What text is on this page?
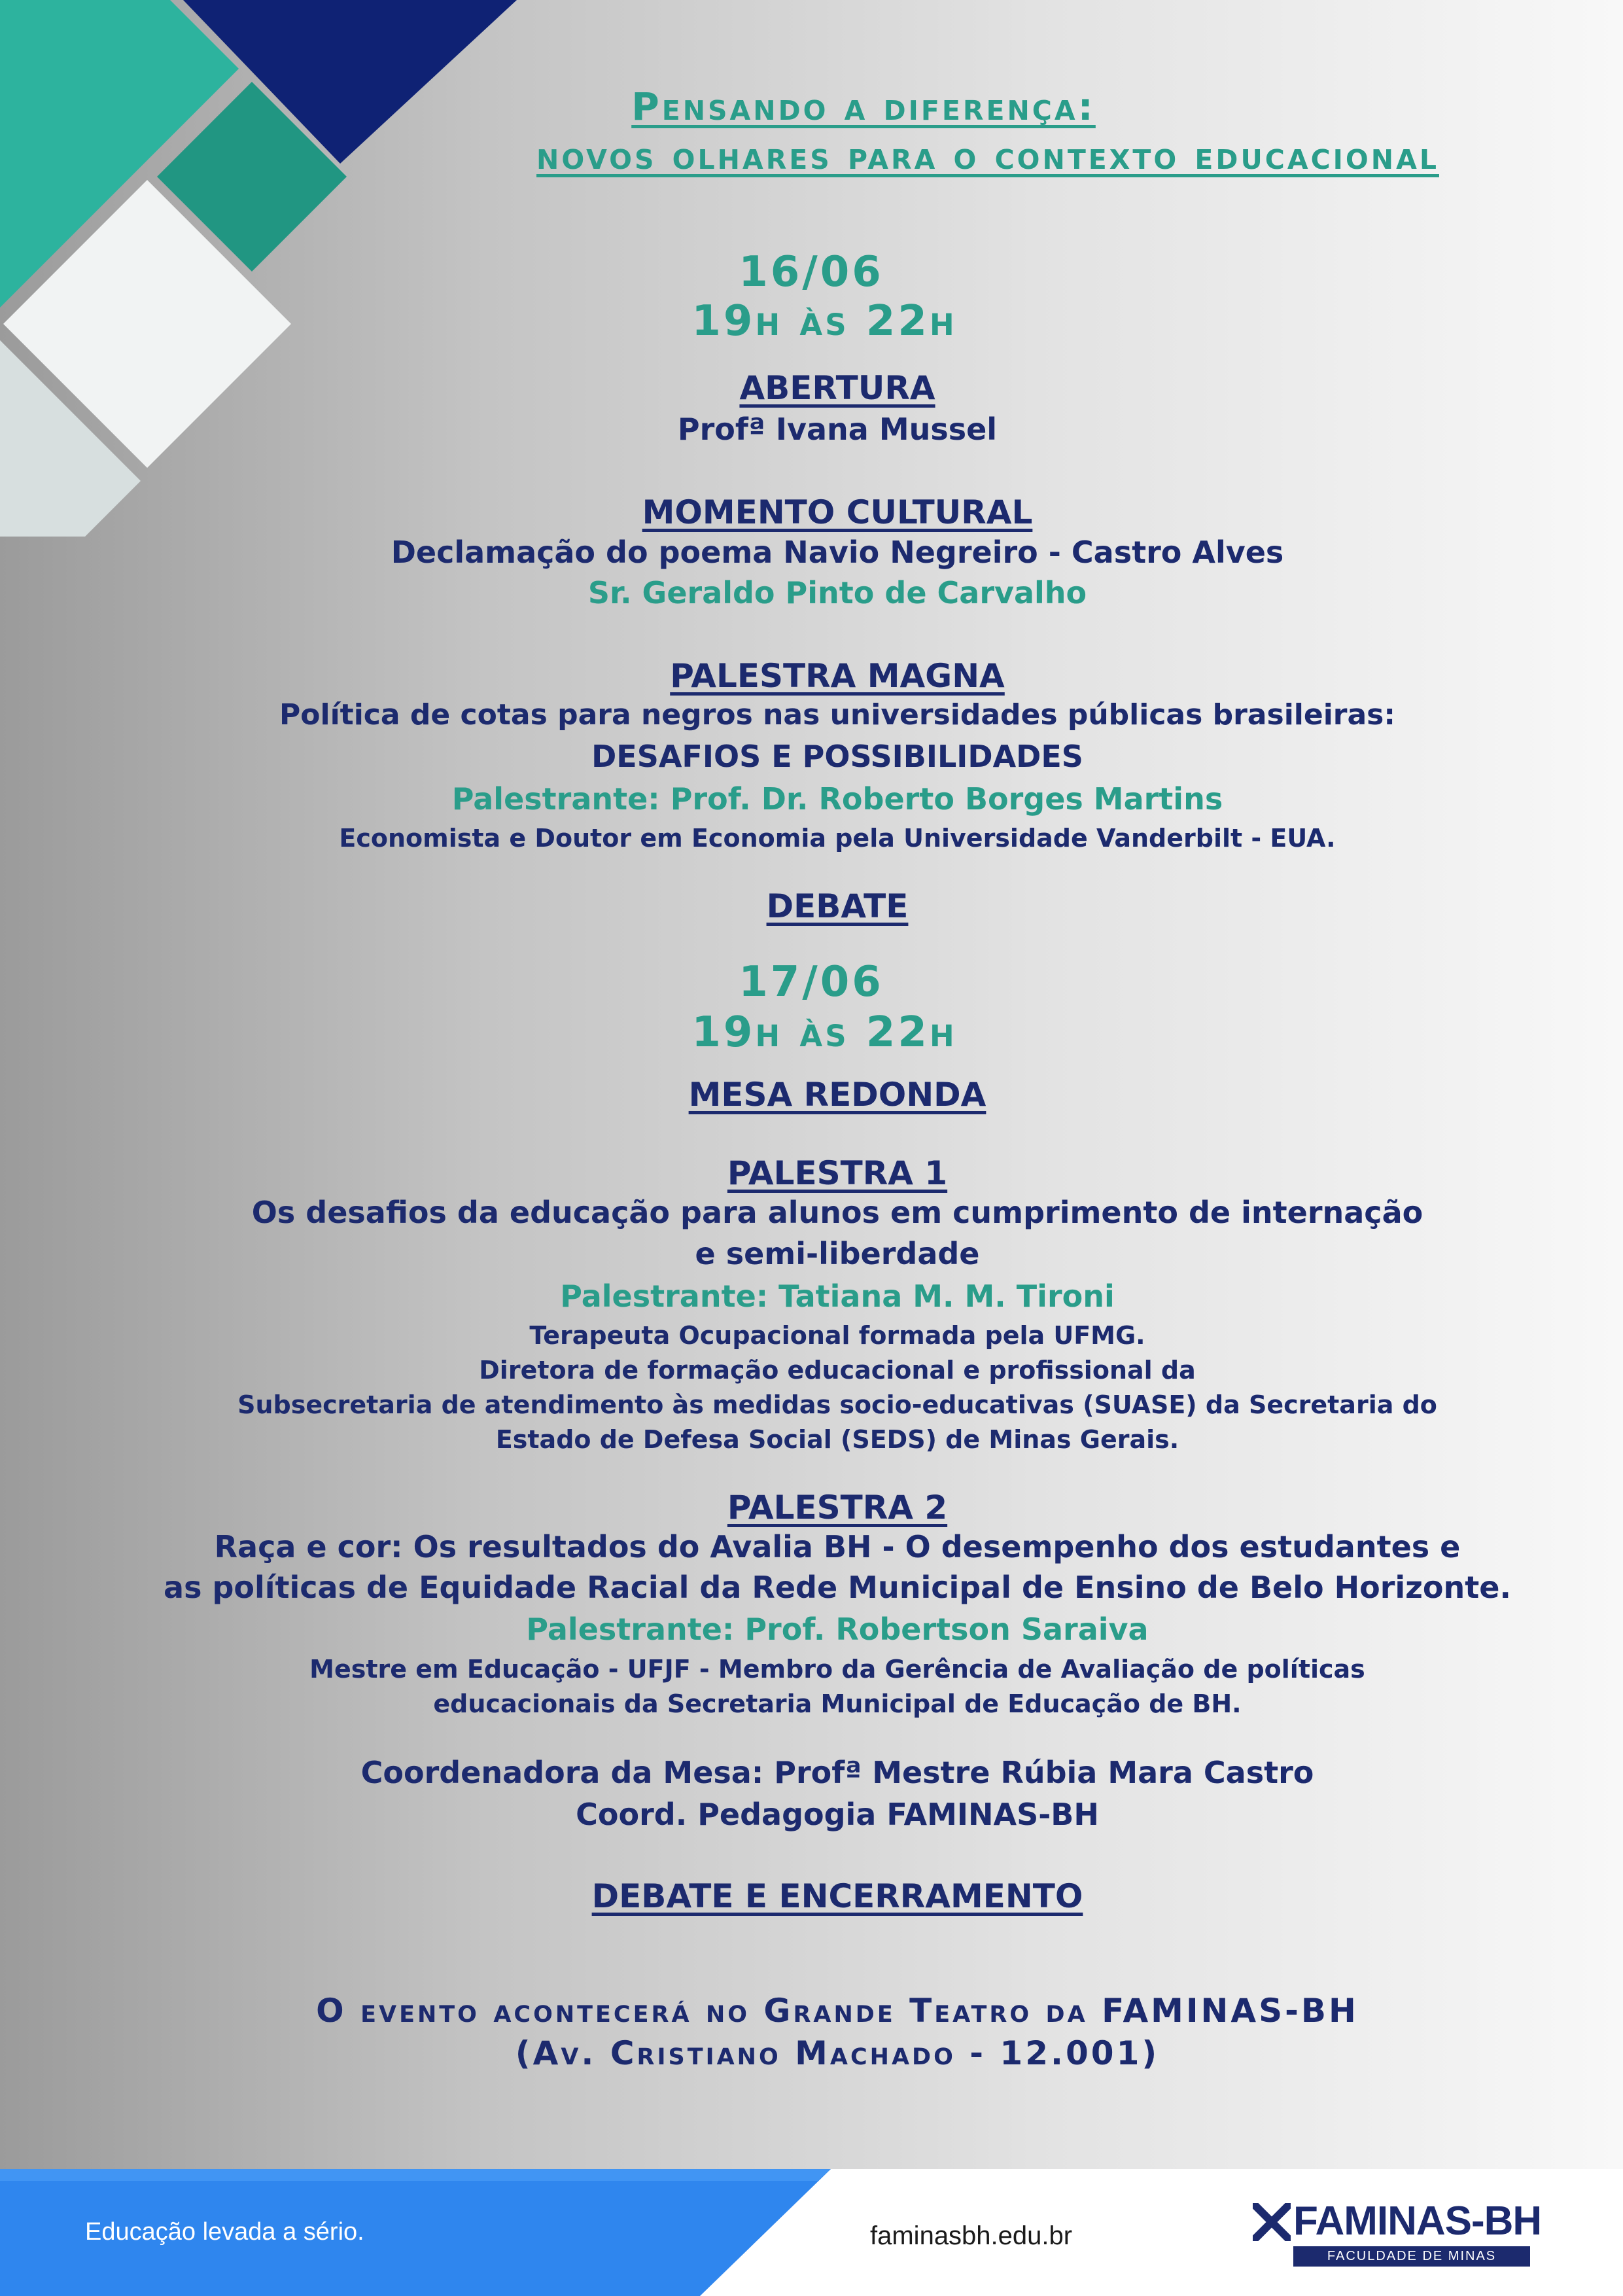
Pensando a diferença:
novos olhares para o contexto educacional
16/06
19h às 22h
ABERTURA
Profª Ivana Mussel
MOMENTO CULTURAL
Declamação do poema Navio Negreiro - Castro Alves
Sr. Geraldo Pinto de Carvalho
PALESTRA MAGNA
Política de cotas para negros nas universidades públicas brasileiras:
DESAFIOS E POSSIBILIDADES
Palestrante: Prof. Dr. Roberto Borges Martins
Economista e Doutor em Economia pela Universidade Vanderbilt - EUA.
DEBATE
17/06
19h às 22h
MESA REDONDA
PALESTRA 1
Os desafios da educação para alunos em cumprimento de internação
e semi-liberdade
Palestrante: Tatiana M. M. Tironi
Terapeuta Ocupacional formada pela UFMG.
Diretora de formação educacional e profissional da
Subsecretaria de atendimento às medidas socio-educativas (SUASE) da Secretaria do
Estado de Defesa Social (SEDS) de Minas Gerais.
PALESTRA 2
Raça e cor: Os resultados do Avalia BH - O desempenho dos estudantes e
as políticas de Equidade Racial da Rede Municipal de Ensino de Belo Horizonte.
Palestrante: Prof. Robertson Saraiva
Mestre em Educação - UFJF - Membro da Gerência de Avaliação de políticas
educacionais da Secretaria Municipal de Educação de BH.
Coordenadora da Mesa: Profª Mestre Rúbia Mara Castro
Coord. Pedagogia FAMINAS-BH
DEBATE E ENCERRAMENTO
O evento acontecerá no Grande Teatro da FAMINAS-BH
(Av. Cristiano Machado - 12.001)
Educação levada a sério.	faminasbh.edu.br	FAMINAS-BH
FACULDADE DE MINAS
